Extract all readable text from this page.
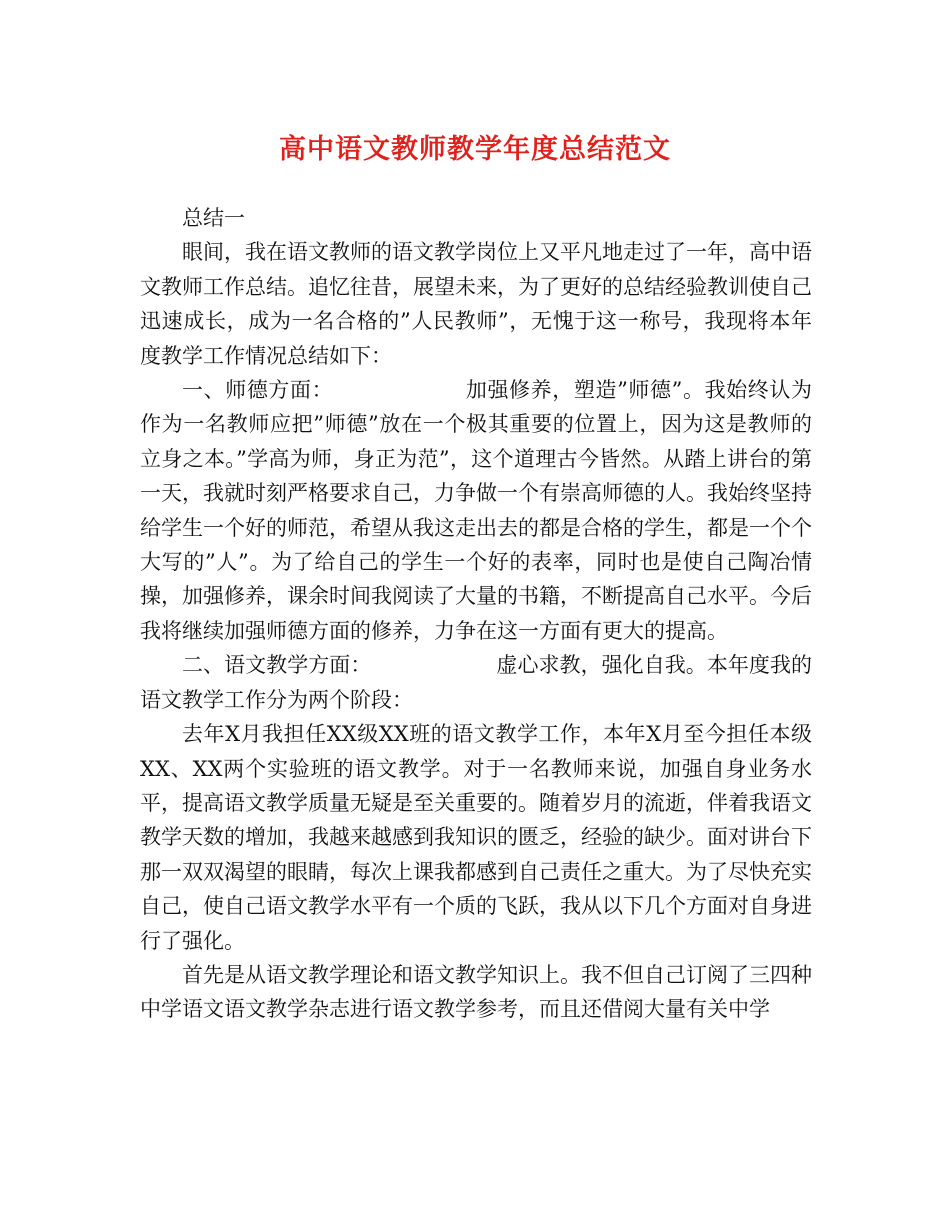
高中语文教师教学年度总结范文

总结一

眼间，我在语文教师的语文教学岗位上又平凡地走过了一年，高中语文教师工作总结。追忆往昔，展望未来，为了更好的总结经验教训使自己迅速成长，成为一名合格的”人民教师”，无愧于这一称号，我现将本年度教学工作情况总结如下：

一、师德方面：	加强修养，塑造”师德”。我始终认为作为一名教师应把”师德”放在一个极其重要的位置上，因为这是教师的立身之本。”学高为师，身正为范”，这个道理古今皆然。从踏上讲台的第一天，我就时刻严格要求自己，力争做一个有崇高师德的人。我始终坚持给学生一个好的师范，希望从我这走出去的都是合格的学生，都是一个个大写的”人”。为了给自己的学生一个好的表率，同时也是使自己陶冶情操，加强修养，课余时间我阅读了大量的书籍，不断提高自己水平。今后我将继续加强师德方面的修养，力争在这一方面有更大的提高。

二、语文教学方面：	虚心求教，强化自我。本年度我的语文教学工作分为两个阶段：

去年X月我担任XX级XX班的语文教学工作，本年X月至今担任本级XX、XX两个实验班的语文教学。对于一名教师来说，加强自身业务水平，提高语文教学质量无疑是至关重要的。随着岁月的流逝，伴着我语文教学天数的增加，我越来越感到我知识的匮乏，经验的缺少。面对讲台下那一双双渴望的眼睛，每次上课我都感到自己责任之重大。为了尽快充实自己，使自己语文教学水平有一个质的飞跃，我从以下几个方面对自身进行了强化。

首先是从语文教学理论和语文教学知识上。我不但自己订阅了三四种中学语文语文教学杂志进行语文教学参考，而且还借阅大量有关中学
